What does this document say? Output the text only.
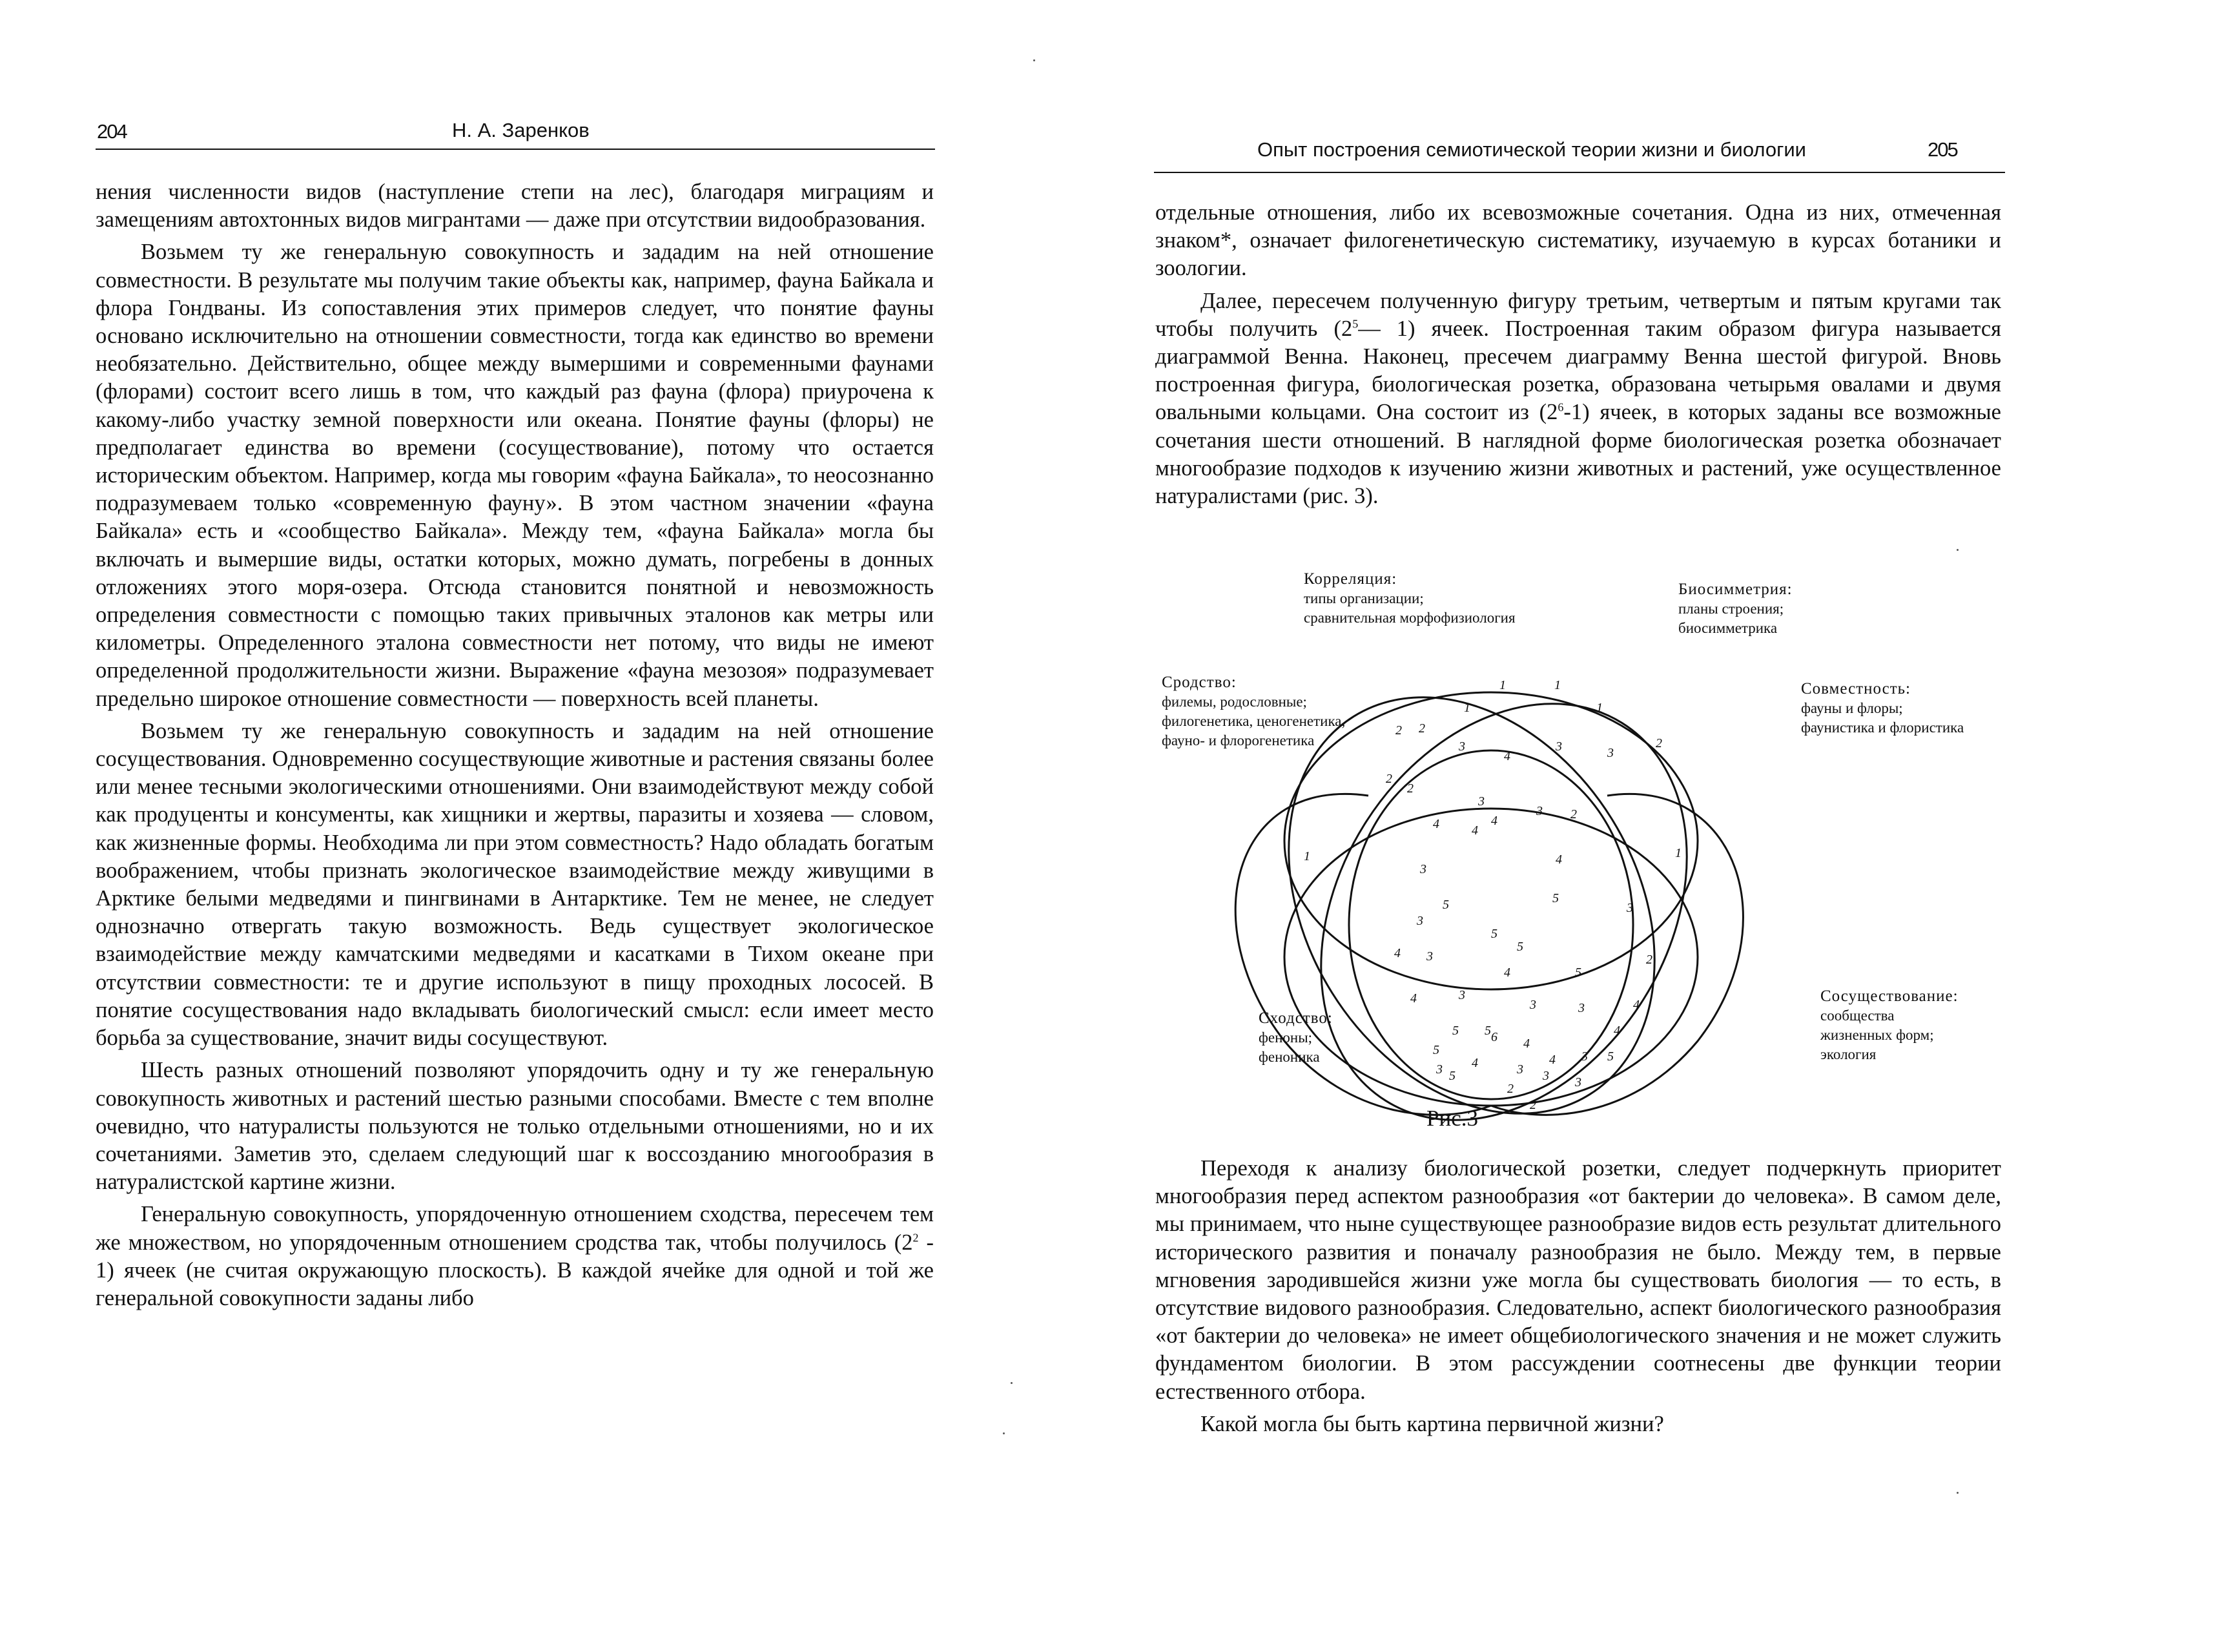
204	Н. А. Заренков

нения численности видов (наступление степи на лес), благодаря миграциям и замещениям автохтонных видов мигрантами — даже при отсутствии видообразования.

Возьмем ту же генеральную совокупность и зададим на ней отношение совместности. В результате мы получим такие объекты как, например, фауна Байкала и флора Гондваны. Из сопоставления этих примеров следует, что понятие фауны основано исключительно на отношении совместности, тогда как единство во времени необязательно. Действительно, общее между вымершими и современными фаунами (флорами) состоит всего лишь в том, что каждый раз фауна (флора) приурочена к какому-либо участку земной поверхности или океана. Понятие фауны (флоры) не предполагает единства во времени (сосуществование), потому что остается историческим объектом. Например, когда мы говорим «фауна Байкала», то неосознанно подразумеваем только «современную фауну». В этом частном значении «фауна Байкала» есть и «сообщество Байкала». Между тем, «фауна Байкала» могла бы включать и вымершие виды, остатки которых, можно думать, погребены в донных отложениях этого моря-озера. Отсюда становится понятной и невозможность определения совместности с помощью таких привычных эталонов как метры или километры. Определенного эталона совместности нет потому, что виды не имеют определенной продолжительности жизни. Выражение «фауна мезозоя» подразумевает предельно широкое отношение совместности — поверхность всей планеты.

Возьмем ту же генеральную совокупность и зададим на ней отношение сосуществования. Одновременно сосуществующие животные и растения связаны более или менее тесными экологическими отношениями. Они взаимодействуют между собой как продуценты и консументы, как хищники и жертвы, паразиты и хозяева — словом, как жизненные формы. Необходима ли при этом совместность? Надо обладать богатым воображением, чтобы признать экологическое взаимодействие между живущими в Арктике белыми медведями и пингвинами в Антарктике. Тем не менее, не следует однозначно отвергать такую возможность. Ведь существует экологическое взаимодействие между камчатскими медведями и касатками в Тихом океане при отсутствии совместности: те и другие используют в пищу проходных лососей. В понятие сосуществования надо вкладывать биологический смысл: если имеет место борьба за существование, значит виды сосуществуют.

Шесть разных отношений позволяют упорядочить одну и ту же генеральную совокупность животных и растений шестью разными способами. Вместе с тем вполне очевидно, что натуралисты пользуются не только отдельными отношениями, но и их сочетаниями. Заметив это, сделаем следующий шаг к воссозданию многообразия в натуралистской картине жизни.

Генеральную совокупность, упорядоченную отношением сходства, пересечем тем же множеством, но упорядоченным отношением сродства так, чтобы получилось $(2^2 - 1)$ ячеек (не считая окружающую плоскость). В каждой ячейке для одной и той же генеральной совокупности заданы либо

Опыт построения семиотической теории жизни и биологии	205

отдельные отношения, либо их всевозможные сочетания. Одна из них, отмеченная знаком*, означает филогенетическую систематику, изучаемую в курсах ботаники и зоологии.

Далее, пересечем полученную фигуру третьим, четвертым и пятым кругами так чтобы получить ($2^5—$ 1) ячеек. Построенная таким образом фигура называется диаграммой Венна. Наконец, пресечем диаграмму Венна шестой фигурой. Вновь построенная фигура, биологическая розетка, образована четырьмя овалами и двумя овальными кольцами. Она состоит из $(2^6-1)$ ячеек, в которых заданы все возможные сочетания шести отношений. В наглядной форме биологическая розетка обозначает многообразие подходов к изучению жизни животных и растений, уже осуществленное натуралистами (рис. 3).

1	1
1	1
2 2
3	3
4	3
2
2
2
3
3
4	2
4	4
1	1
3
4
5	5
3
5
3
4 3
5
4	5
4	3
3	3
5 5
4
5
6 4
4 3
4
2
5
5	3 3
4
3
3
2
2
Корреляция:
типы организации;
сравнительная морфофизиология
Биосимметрия:
планы строения;
биосимметрика
Сродство:
филемы, родословные;
филогенетика, ценогенетика,
фауно- и флорогенетика
Совместность:
фауны и флоры;
фаунистика и флористика
Сходство:
феноны;
феноника
Сосуществование:
сообщества
жизненных форм;
экология
Рис.3

Переходя к анализу биологической розетки, следует подчеркнуть приоритет многообразия перед аспектом разнообразия «от бактерии до человека». В самом деле, мы принимаем, что ныне существующее разнообразие видов есть результат длительного исторического развития и поначалу разнообразия не было. Между тем, в первые мгновения зародившейся жизни уже могла бы существовать биология — то есть, в отсутствие видового разнообразия. Следовательно, аспект биологического разнообразия «от бактерии до человека» не имеет общебиологического значения и не может служить фундаментом биологии. В этом рассуждении соотнесены две функции теории естественного отбора.

Какой могла бы быть картина первичной жизни?
